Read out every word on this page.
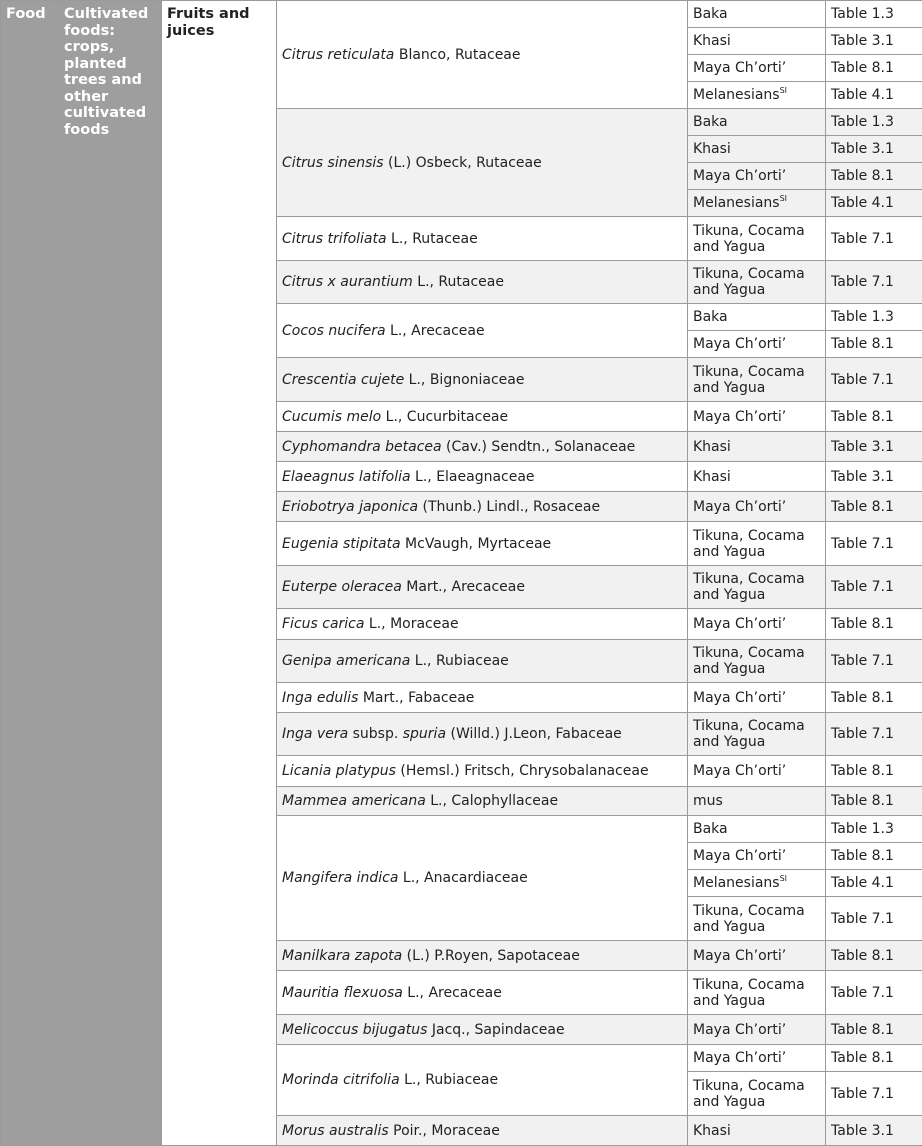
Food	Cultivated foods: crops, planted trees and other cultivated foods	Fruits and juices	Citrus reticulata Blanco, Rutaceae	Baka	Table 1.3
				Khasi	Table 3.1
				Maya Ch’orti’	Table 8.1
				Melanesians$^{SI}$	Table 4.1
			Citrus sinensis (L.) Osbeck, Rutaceae	Baka	Table 1.3
				Khasi	Table 3.1
				Maya Ch’orti’	Table 8.1
				Melanesians$^{SI}$	Table 4.1
			Citrus trifoliata L., Rutaceae	Tikuna, Cocama and Yagua	Table 7.1
			Citrus x aurantium L., Rutaceae	Tikuna, Cocama and Yagua	Table 7.1
			Cocos nucifera L., Arecaceae	Baka	Table 1.3
				Maya Ch’orti’	Table 8.1
			Crescentia cujete L., Bignoniaceae	Tikuna, Cocama and Yagua	Table 7.1
			Cucumis melo L., Cucurbitaceae	Maya Ch’orti’	Table 8.1
			Cyphomandra betacea (Cav.) Sendtn., Solanaceae	Khasi	Table 3.1
			Elaeagnus latifolia L., Elaeagnaceae	Khasi	Table 3.1
			Eriobotrya japonica (Thunb.) Lindl., Rosaceae	Maya Ch’orti’	Table 8.1
			Eugenia stipitata McVaugh, Myrtaceae	Tikuna, Cocama and Yagua	Table 7.1
			Euterpe oleracea Mart., Arecaceae	Tikuna, Cocama and Yagua	Table 7.1
			Ficus carica L., Moraceae	Maya Ch’orti’	Table 8.1
			Genipa americana L., Rubiaceae	Tikuna, Cocama and Yagua	Table 7.1
			Inga edulis Mart., Fabaceae	Maya Ch’orti’	Table 8.1
			Inga vera subsp. spuria (Willd.) J.Leon, Fabaceae	Tikuna, Cocama and Yagua	Table 7.1
			Licania platypus (Hemsl.) Fritsch, Chrysobalanaceae	Maya Ch’orti’	Table 8.1
			Mammea americana L., Calophyllaceae	mus	Table 8.1
			Mangifera indica L., Anacardiaceae	Baka	Table 1.3
				Maya Ch’orti’	Table 8.1
				Melanesians$^{SI}$	Table 4.1
				Tikuna, Cocama and Yagua	Table 7.1
			Manilkara zapota (L.) P.Royen, Sapotaceae	Maya Ch’orti’	Table 8.1
			Mauritia flexuosa L., Arecaceae	Tikuna, Cocama and Yagua	Table 7.1
			Melicoccus bijugatus Jacq., Sapindaceae	Maya Ch’orti’	Table 8.1
			Morinda citrifolia L., Rubiaceae	Maya Ch’orti’	Table 8.1
				Tikuna, Cocama and Yagua	Table 7.1
			Morus australis Poir., Moraceae	Khasi	Table 3.1
